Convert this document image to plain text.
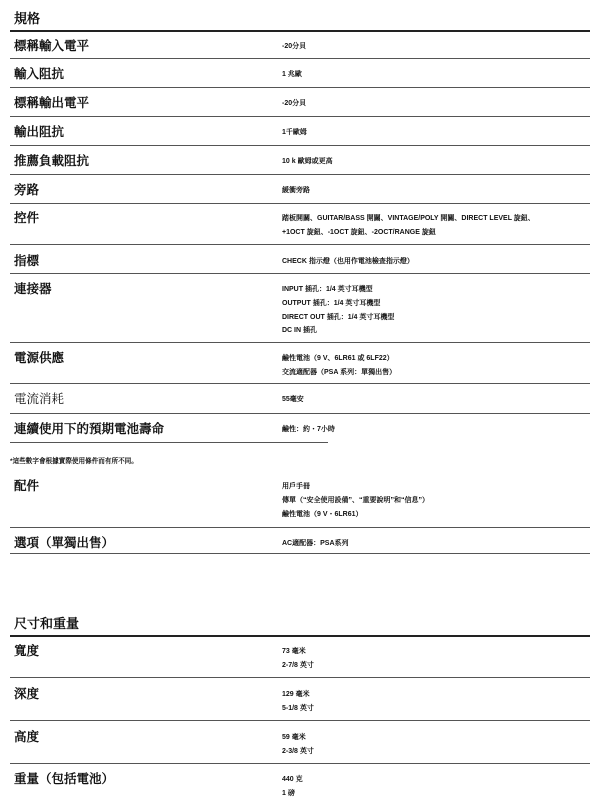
規格
標稱輸入電平	-20分貝
輸入阻抗	1 兆歐
標稱輸出電平	-20分貝
輸出阻抗	1千歐姆
推薦負載阻抗	10 k 歐姆或更高
旁路	緩衝旁路
控件	踏板開關、GUITAR/BASS 開關、VINTAGE/POLY 開關、DIRECT LEVEL 旋鈕、
+1OCT 旋鈕、-1OCT 旋鈕、-2OCT/RANGE 旋鈕
指標	CHECK 指示燈（也用作電池檢查指示燈）
連接器	INPUT 插孔：1/4 英寸耳機型
OUTPUT 插孔：1/4 英寸耳機型
DIRECT OUT 插孔：1/4 英寸耳機型
DC IN 插孔
電源供應	鹼性電池（9 V、6LR61 或 6LF22）
交流適配器（PSA 系列：單獨出售）
電流消耗	55毫安
連續使用下的預期電池壽命	鹼性：約・7小時
*這些數字會根據實際使用條件而有所不同。
配件	用戶手冊
傳單（“安全使用設備”、“重要說明”和“信息”）
鹼性電池（9 V・6LR61）
選項（單獨出售）	AC適配器：PSA系列
尺寸和重量
寬度	73 毫米
2-7/8 英寸
深度	129 毫米
5-1/8 英寸
高度	59 毫米
2-3/8 英寸
重量（包括電池）	440 克
1 磅
